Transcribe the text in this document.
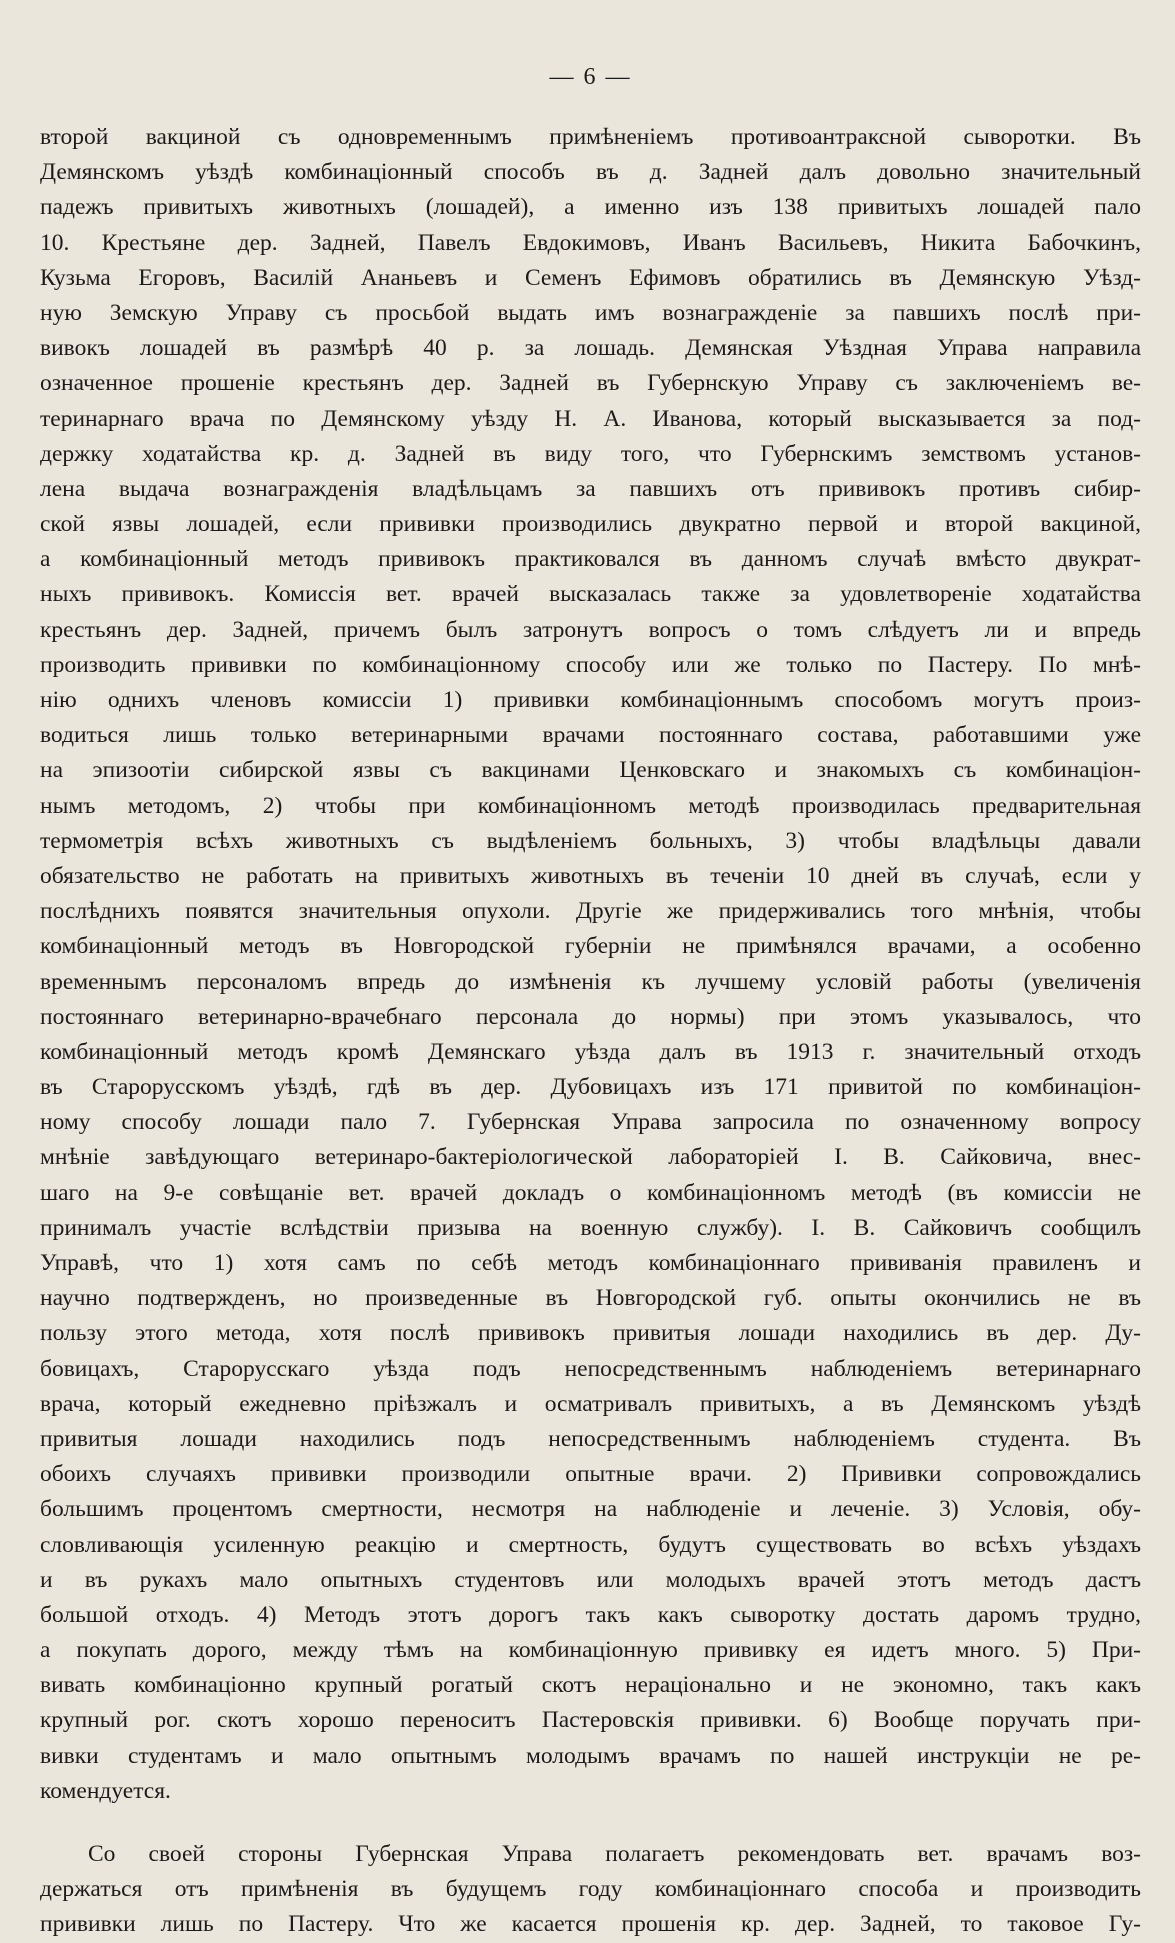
— 6 —
второй вакциной съ одновременнымъ примѣненіемъ противоантраксной сыворотки. Въ
Демянскомъ уѣздѣ комбинаціонный способъ въ д. Задней далъ довольно значительный
падежъ привитыхъ животныхъ (лошадей), а именно изъ 138 привитыхъ лошадей пало
10. Крестьяне дер. Задней, Павелъ Евдокимовъ, Иванъ Васильевъ, Никита Бабочкинъ,
Кузьма Егоровъ, Василій Ананьевъ и Семенъ Ефимовъ обратились въ Демянскую Уѣзд-
ную Земскую Управу съ просьбой выдать имъ вознагражденіе за павшихъ послѣ при-
вивокъ лошадей въ размѣрѣ 40 р. за лошадь. Демянская Уѣздная Управа направила
означенное прошеніе крестьянъ дер. Задней въ Губернскую Управу съ заключеніемъ ве-
теринарнаго врача по Демянскому уѣзду Н. А. Иванова, который высказывается за под-
держку ходатайства кр. д. Задней въ виду того, что Губернскимъ земствомъ установ-
лена выдача вознагражденія владѣльцамъ за павшихъ отъ прививокъ противъ сибир-
ской язвы лошадей, если прививки производились двукратно первой и второй вакциной,
а комбинаціонный методъ прививокъ практиковался въ данномъ случаѣ вмѣсто двукрат-
ныхъ прививокъ. Комиссія вет. врачей высказалась также за удовлетвореніе ходатайства
крестьянъ дер. Задней, причемъ былъ затронутъ вопросъ о томъ слѣдуетъ ли и впредь
производить прививки по комбинаціонному способу или же только по Пастеру. По мнѣ-
нію однихъ членовъ комиссіи 1) прививки комбинаціоннымъ способомъ могутъ произ-
водиться лишь только ветеринарными врачами постояннаго состава, работавшими уже
на эпизоотіи сибирской язвы съ вакцинами Ценковскаго и знакомыхъ съ комбинаціон-
нымъ методомъ, 2) чтобы при комбинаціонномъ методѣ производилась предварительная
термометрія всѣхъ животныхъ съ выдѣленіемъ больныхъ, 3) чтобы владѣльцы давали
обязательство не работать на привитыхъ животныхъ въ теченіи 10 дней въ случаѣ, если у
послѣднихъ появятся значительныя опухоли. Другіе же придерживались того мнѣнія, чтобы
комбинаціонный методъ въ Новгородской губерніи не примѣнялся врачами, а особенно
временнымъ персоналомъ впредь до измѣненія къ лучшему условій работы (увеличенія
постояннаго ветеринарно-врачебнаго персонала до нормы) при этомъ указывалось, что
комбинаціонный методъ кромѣ Демянскаго уѣзда далъ въ 1913 г. значительный отходъ
въ Старорусскомъ уѣздѣ, гдѣ въ дер. Дубовицахъ изъ 171 привитой по комбинаціон-
ному способу лошади пало 7. Губернская Управа запросила по означенному вопросу
мнѣніе завѣдующаго ветеринаро-бактеріологической лабораторіей I. В. Сайковича, внес-
шаго на 9-е совѣщаніе вет. врачей докладъ о комбинаціонномъ методѣ (въ комиссіи не
принималъ участіе вслѣдствіи призыва на военную службу). I. В. Сайковичъ сообщилъ
Управѣ, что 1) хотя самъ по себѣ методъ комбинаціоннаго прививанія правиленъ и
научно подтвержденъ, но произведенные въ Новгородской губ. опыты окончились не въ
пользу этого метода, хотя послѣ прививокъ привитыя лошади находились въ дер. Ду-
бовицахъ, Старорусскаго уѣзда подъ непосредственнымъ наблюденіемъ ветеринарнаго
врача, который ежедневно пріѣзжалъ и осматривалъ привитыхъ, а въ Демянскомъ уѣздѣ
привитыя лошади находились подъ непосредственнымъ наблюденіемъ студента. Въ
обоихъ случаяхъ прививки производили опытные врачи. 2) Прививки сопровождались
большимъ процентомъ смертности, несмотря на наблюденіе и леченіе. 3) Условія, обу-
словливающія усиленную реакцію и смертность, будутъ существовать во всѣхъ уѣздахъ
и въ рукахъ мало опытныхъ студентовъ или молодыхъ врачей этотъ методъ дастъ
большой отходъ. 4) Методъ этотъ дорогъ такъ какъ сыворотку достать даромъ трудно,
а покупать дорого, между тѣмъ на комбинаціонную прививку ея идетъ много. 5) При-
вивать комбинаціонно крупный рогатый скотъ нераціонально и не экономно, такъ какъ
крупный рог. скотъ хорошо переноситъ Пастеровскія прививки. 6) Вообще поручать при-
вивки студентамъ и мало опытнымъ молодымъ врачамъ по нашей инструкціи не ре-
комендуется.
Со своей стороны Губернская Управа полагаетъ рекомендовать вет. врачамъ воз-
держаться отъ примѣненія въ будущемъ году комбинаціоннаго способа и производить
прививки лишь по Пастеру. Что же касается прошенія кр. дер. Задней, то таковое Гу-
